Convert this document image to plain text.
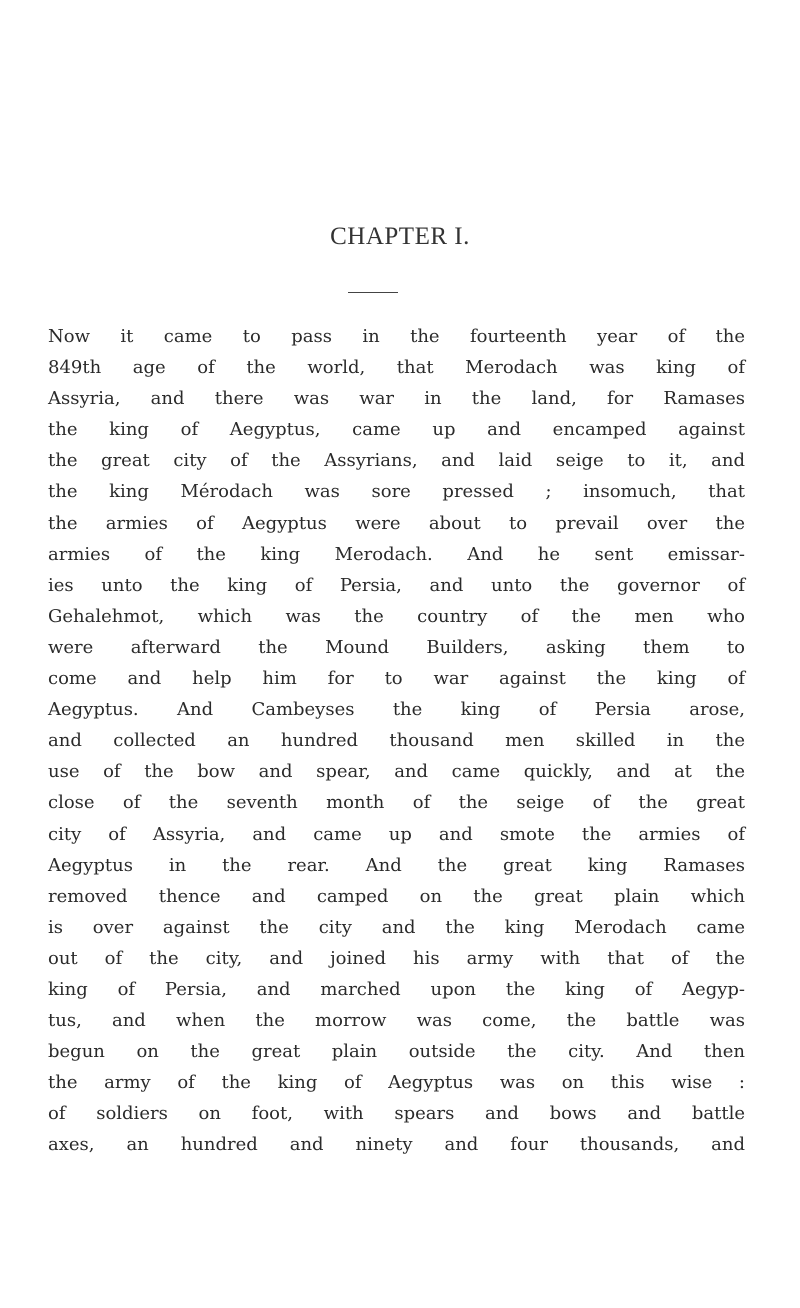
CHAPTER I.
Now it came to pass in the fourteenth year of the
849th age of the world, that Merodach was king of
Assyria, and there was war in the land, for Ramases
the king of Aegyptus, came up and encamped against
the great city of the Assyrians, and laid seige to it, and
the king Mérodach was sore pressed ; insomuch, that
the armies of Aegyptus were about to prevail over the
armies of the king Merodach. And he sent emissar-
ies unto the king of Persia, and unto the governor of
Gehalehmot, which was the country of the men who
were afterward the Mound Builders, asking them to
come and help him for to war against the king of
Aegyptus. And Cambeyses the king of Persia arose,
and collected an hundred thousand men skilled in the
use of the bow and spear, and came quickly, and at the
close of the seventh month of the seige of the great
city of Assyria, and came up and smote the armies of
Aegyptus in the rear. And the great king Ramases
removed thence and camped on the great plain which
is over against the city and the king Merodach came
out of the city, and joined his army with that of the
king of Persia, and marched upon the king of Aegyp-
tus, and when the morrow was come, the battle was
begun on the great plain outside the city. And then
the army of the king of Aegyptus was on this wise :
of soldiers on foot, with spears and bows and battle
axes, an hundred and ninety and four thousands, and
